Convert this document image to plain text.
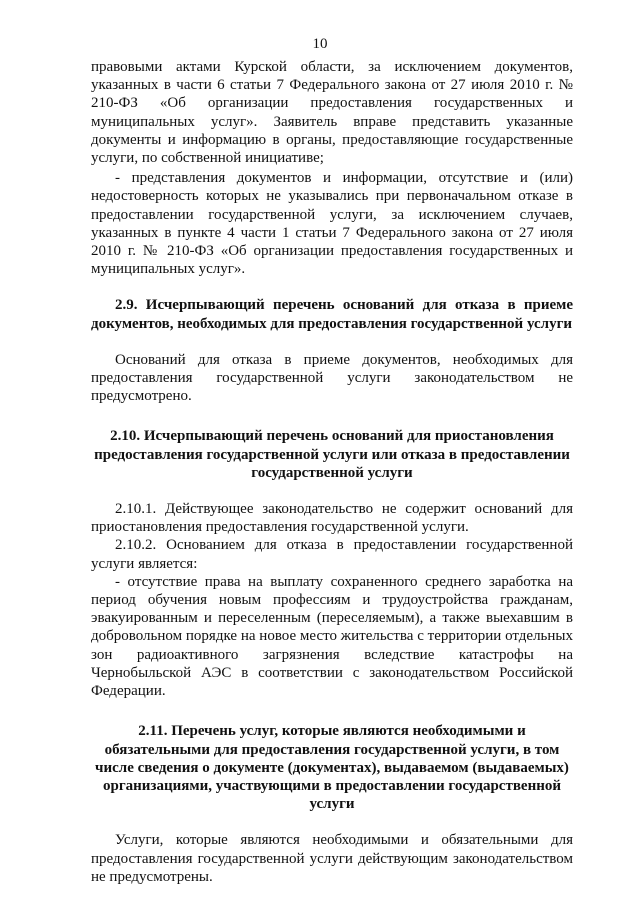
10

правовыми актами Курской области, за исключением документов, указанных в части 6 статьи 7 Федерального закона от 27 июля 2010 г. № 210-ФЗ «Об организации предоставления государственных и муниципальных услуг». Заявитель вправе представить указанные документы и информацию в органы, предоставляющие государственные услуги, по собственной инициативе;

- представления документов и информации, отсутствие и (или) недостоверность которых не указывались при первоначальном отказе в предоставлении государственной услуги, за исключением случаев, указанных в пункте 4 части 1 статьи 7 Федерального закона от 27 июля 2010 г. № 210-ФЗ «Об организации предоставления государственных и муниципальных услуг».

2.9. Исчерпывающий перечень оснований для отказа в приеме документов, необходимых для предоставления государственной услуги

Оснований для отказа в приеме документов, необходимых для предоставления государственной услуги законодательством не предусмотрено.

2.10. Исчерпывающий перечень оснований для приостановления предоставления государственной услуги или отказа в предоставлении государственной услуги

2.10.1. Действующее законодательство не содержит оснований для приостановления предоставления государственной услуги.

2.10.2. Основанием для отказа в предоставлении государственной услуги является:

- отсутствие права на выплату сохраненного среднего заработка на период обучения новым профессиям и трудоустройства гражданам, эвакуированным и переселенным (переселяемым), а также выехавшим в добровольном порядке на новое место жительства с территории отдельных зон радиоактивного загрязнения вследствие катастрофы на Чернобыльской АЭС в соответствии с законодательством Российской Федерации.

2.11. Перечень услуг, которые являются необходимыми и обязательными для предоставления государственной услуги, в том числе сведения о документе (документах), выдаваемом (выдаваемых) организациями, участвующими в предоставлении государственной услуги

Услуги, которые являются необходимыми и обязательными для предоставления государственной услуги действующим законодательством не предусмотрены.
